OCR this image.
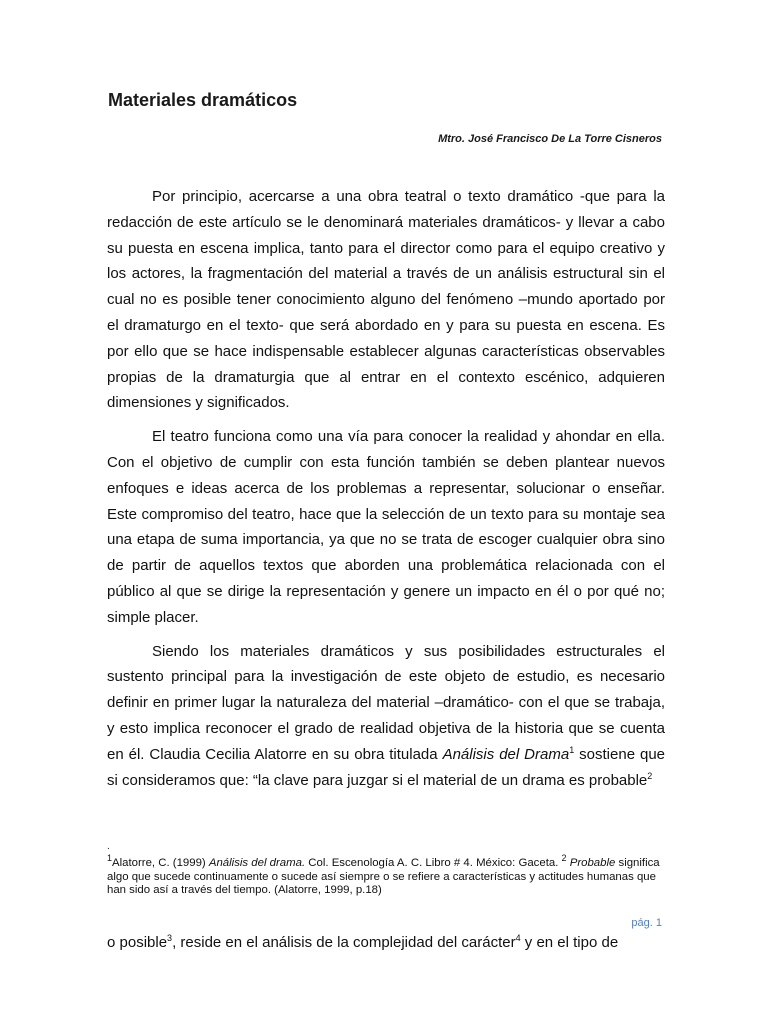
Materiales dramáticos
Mtro. José Francisco De La Torre Cisneros

Por principio, acercarse a una obra teatral o texto dramático -que para la redacción de este artículo se le denominará materiales dramáticos- y llevar a cabo su puesta en escena implica, tanto para el director como para el equipo creativo y los actores, la fragmentación del material a través de un análisis estructural sin el cual no es posible tener conocimiento alguno del fenómeno –mundo aportado por el dramaturgo en el texto- que será abordado en y para su puesta en escena. Es por ello que se hace indispensable establecer algunas características observables propias de la dramaturgia que al entrar en el contexto escénico, adquieren dimensiones y significados.

El teatro funciona como una vía para conocer la realidad y ahondar en ella. Con el objetivo de cumplir con esta función también se deben plantear nuevos enfoques e ideas acerca de los problemas a representar, solucionar o enseñar. Este compromiso del teatro, hace que la selección de un texto para su montaje sea una etapa de suma importancia, ya que no se trata de escoger cualquier obra sino de partir de aquellos textos que aborden una problemática relacionada con el público al que se dirige la representación y genere un impacto en él o por qué no; simple placer.

Siendo los materiales dramáticos y sus posibilidades estructurales el sustento principal para la investigación de este objeto de estudio, es necesario definir en primer lugar la naturaleza del material –dramático- con el que se trabaja, y esto implica reconocer el grado de realidad objetiva de la historia que se cuenta en él. Claudia Cecilia Alatorre en su obra titulada Análisis del Drama$^1$ sostiene que si consideramos que: “la clave para juzgar si el material de un drama es probable$^2$

.
$^1$Alatorre, C. (1999) Análisis del drama. Col. Escenología A. C. Libro # 4. México: Gaceta. $^2$ Probable significa algo que sucede continuamente o sucede así siempre o se refiere a características y actitudes humanas que han sido así a través del tiempo. (Alatorre, 1999, p.18)
pág. 1
o posible$^3$, reside en el análisis de la complejidad del carácter$^4$ y en el tipo de
